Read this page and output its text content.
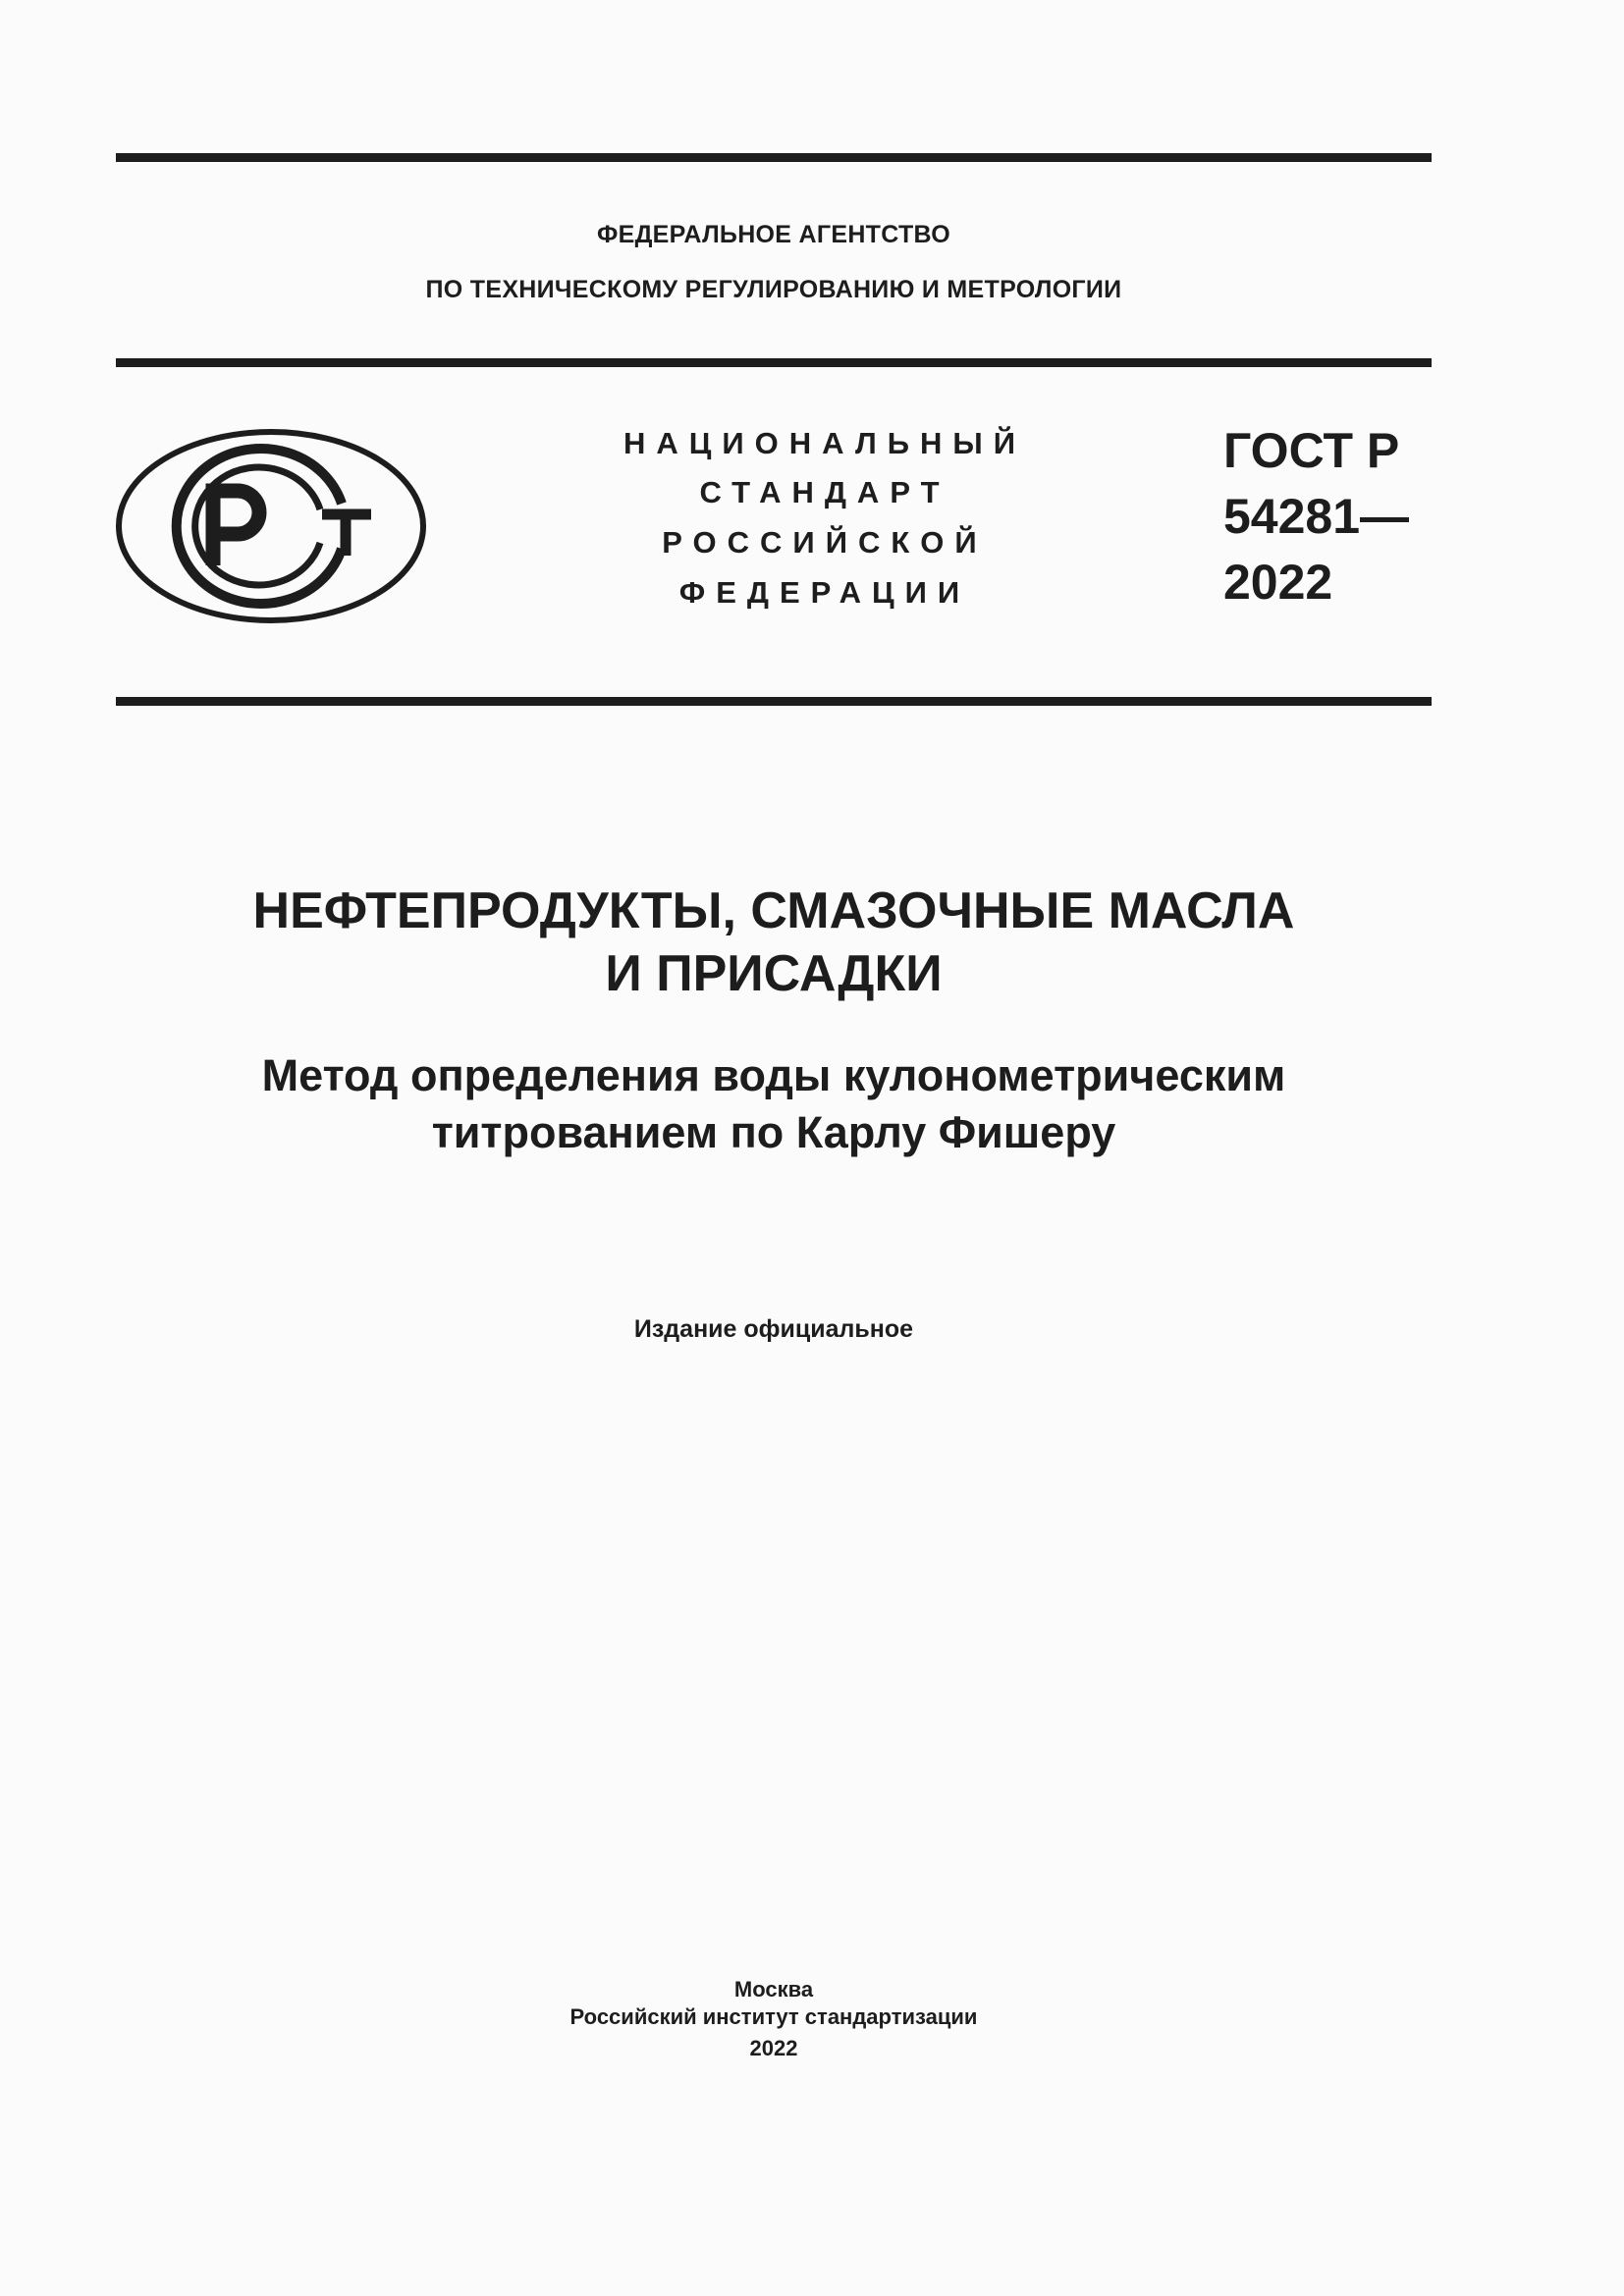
ФЕДЕРАЛЬНОЕ АГЕНТСТВО
ПО ТЕХНИЧЕСКОМУ РЕГУЛИРОВАНИЮ И МЕТРОЛОГИИ
НАЦИОНАЛЬНЫЙ
СТАНДАРТ
РОССИЙСКОЙ
ФЕДЕРАЦИИ
ГОСТ Р
54281—
2022
НЕФТЕПРОДУКТЫ, СМАЗОЧНЫЕ МАСЛА
И ПРИСАДКИ
Метод определения воды кулонометрическим
титрованием по Карлу Фишеру
Издание официальное
Москва
Российский институт стандартизации
2022
